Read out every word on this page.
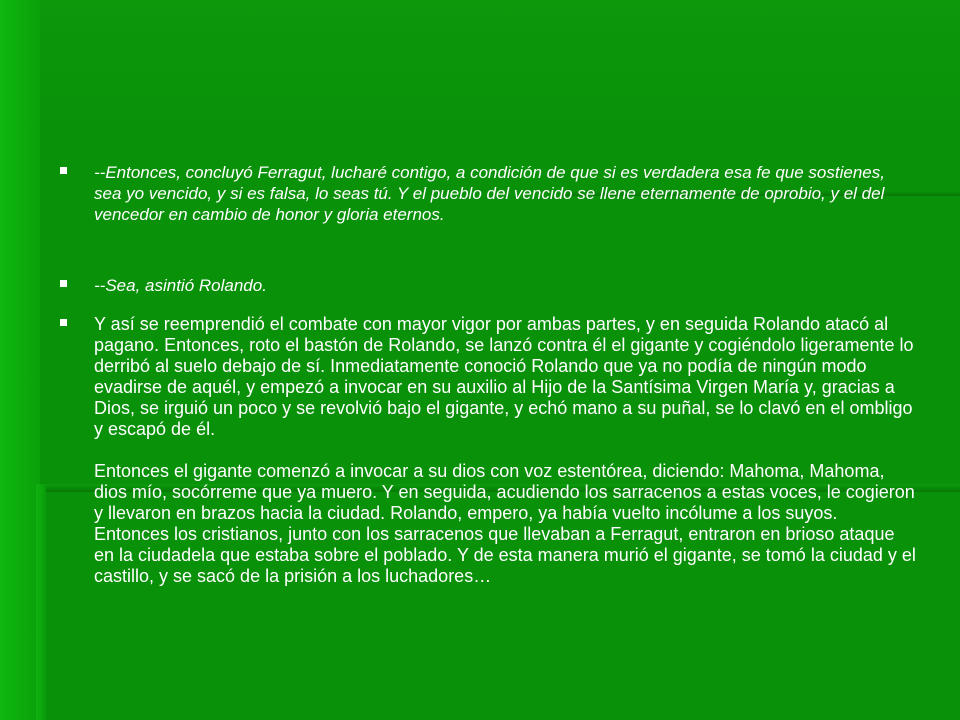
--Entonces, concluyó Ferragut, lucharé contigo, a condición de que si es verdadera esa fe que sostienes, sea yo vencido, y si es falsa, lo seas tú. Y el pueblo del vencido se llene eternamente de oprobio, y el del vencedor en cambio de honor y gloria eternos.
--Sea, asintió Rolando.
Y así se reemprendió el combate con mayor vigor por ambas partes, y en seguida Rolando atacó al pagano. Entonces, roto el bastón de Rolando, se lanzó contra él el gigante y cogiéndolo ligeramente lo derribó al suelo debajo de sí. Inmediatamente conoció Rolando que ya no podía de ningún modo evadirse de aquél, y empezó a invocar en su auxilio al Hijo de la Santísima Virgen María y, gracias a Dios, se irguió un poco y se revolvió bajo el gigante, y echó mano a su puñal, se lo clavó en el ombligo y escapó de él.
Entonces el gigante comenzó a invocar a su dios con voz estentórea, diciendo: Mahoma, Mahoma, dios mío, socórreme que ya muero. Y en seguida, acudiendo los sarracenos a estas voces, le cogieron y llevaron en brazos hacia la ciudad. Rolando, empero, ya había vuelto incólume a los suyos. Entonces los cristianos, junto con los sarracenos que llevaban a Ferragut, entraron en brioso ataque en la ciudadela que estaba sobre el poblado. Y de esta manera murió el gigante, se tomó la ciudad y el castillo, y se sacó de la prisión a los luchadores…
